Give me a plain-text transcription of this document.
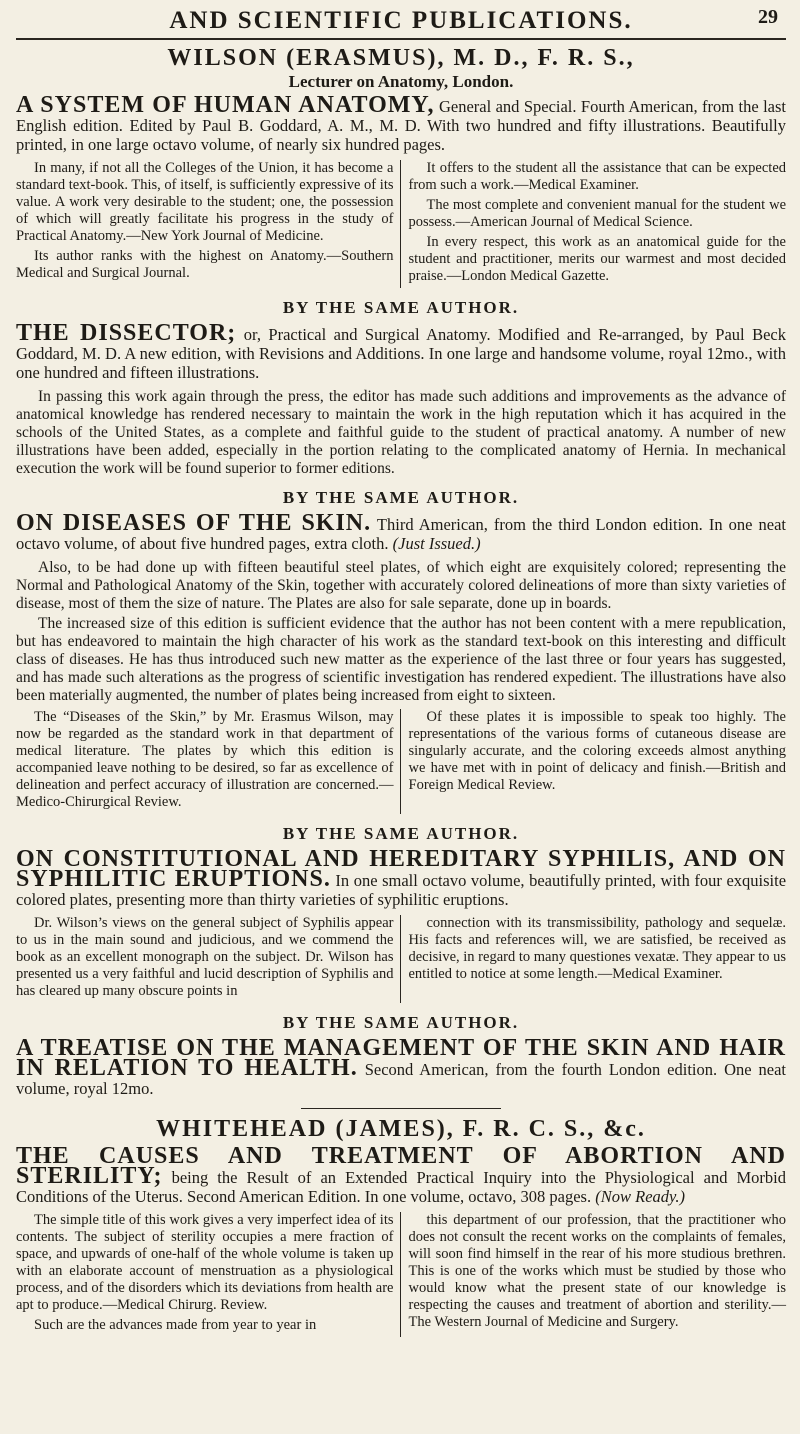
AND SCIENTIFIC PUBLICATIONS.	29

WILSON (ERASMUS), M. D., F. R. S.,

Lecturer on Anatomy, London.

A SYSTEM OF HUMAN ANATOMY, General and Special. Fourth American, from the last English edition. Edited by Paul B. Goddard, A. M., M. D. With two hundred and fifty illustrations. Beautifully printed, in one large octavo volume, of nearly six hundred pages.

In many, if not all the Colleges of the Union, it has become a standard text-book. This, of itself, is sufficiently expressive of its value. A work very desirable to the student; one, the possession of which will greatly facilitate his progress in the study of Practical Anatomy.—New York Journal of Medicine.

Its author ranks with the highest on Anatomy.—Southern Medical and Surgical Journal.

It offers to the student all the assistance that can be expected from such a work.—Medical Examiner.

The most complete and convenient manual for the student we possess.—American Journal of Medical Science.

In every respect, this work as an anatomical guide for the student and practitioner, merits our warmest and most decided praise.—London Medical Gazette.

BY THE SAME AUTHOR.

THE DISSECTOR; or, Practical and Surgical Anatomy. Modified and Re-arranged, by Paul Beck Goddard, M. D. A new edition, with Revisions and Additions. In one large and handsome volume, royal 12mo., with one hundred and fifteen illustrations.

In passing this work again through the press, the editor has made such additions and improvements as the advance of anatomical knowledge has rendered necessary to maintain the work in the high reputation which it has acquired in the schools of the United States, as a complete and faithful guide to the student of practical anatomy. A number of new illustrations have been added, especially in the portion relating to the complicated anatomy of Hernia. In mechanical execution the work will be found superior to former editions.

BY THE SAME AUTHOR.

ON DISEASES OF THE SKIN. Third American, from the third London edition. In one neat octavo volume, of about five hundred pages, extra cloth. (Just Issued.)

Also, to be had done up with fifteen beautiful steel plates, of which eight are exquisitely colored; representing the Normal and Pathological Anatomy of the Skin, together with accurately colored delineations of more than sixty varieties of disease, most of them the size of nature. The Plates are also for sale separate, done up in boards.

The increased size of this edition is sufficient evidence that the author has not been content with a mere republication, but has endeavored to maintain the high character of his work as the standard text-book on this interesting and difficult class of diseases. He has thus introduced such new matter as the experience of the last three or four years has suggested, and has made such alterations as the progress of scientific investigation has rendered expedient. The illustrations have also been materially augmented, the number of plates being increased from eight to sixteen.

The “Diseases of the Skin,” by Mr. Erasmus Wilson, may now be regarded as the standard work in that department of medical literature. The plates by which this edition is accompanied leave nothing to be desired, so far as excellence of delineation and perfect accuracy of illustration are concerned.—Medico-Chirurgical Review.

Of these plates it is impossible to speak too highly. The representations of the various forms of cutaneous disease are singularly accurate, and the coloring exceeds almost anything we have met with in point of delicacy and finish.—British and Foreign Medical Review.

BY THE SAME AUTHOR.

ON CONSTITUTIONAL AND HEREDITARY SYPHILIS, AND ON SYPHILITIC ERUPTIONS. In one small octavo volume, beautifully printed, with four exquisite colored plates, presenting more than thirty varieties of syphilitic eruptions.

Dr. Wilson’s views on the general subject of Syphilis appear to us in the main sound and judicious, and we commend the book as an excellent monograph on the subject. Dr. Wilson has presented us a very faithful and lucid description of Syphilis and has cleared up many obscure points in

connection with its transmissibility, pathology and sequelæ. His facts and references will, we are satisfied, be received as decisive, in regard to many questiones vexatæ. They appear to us entitled to notice at some length.—Medical Examiner.

BY THE SAME AUTHOR.

A TREATISE ON THE MANAGEMENT OF THE SKIN AND HAIR IN RELATION TO HEALTH. Second American, from the fourth London edition. One neat volume, royal 12mo.

WHITEHEAD (JAMES), F. R. C. S., &c.

THE CAUSES AND TREATMENT OF ABORTION AND STERILITY; being the Result of an Extended Practical Inquiry into the Physiological and Morbid Conditions of the Uterus. Second American Edition. In one volume, octavo, 308 pages. (Now Ready.)

The simple title of this work gives a very imperfect idea of its contents. The subject of sterility occupies a mere fraction of space, and upwards of one-half of the whole volume is taken up with an elaborate account of menstruation as a physiological process, and of the disorders which its deviations from health are apt to produce.—Medical Chirurg. Review.

Such are the advances made from year to year in

this department of our profession, that the practitioner who does not consult the recent works on the complaints of females, will soon find himself in the rear of his more studious brethren. This is one of the works which must be studied by those who would know what the present state of our knowledge is respecting the causes and treatment of abortion and sterility.—The Western Journal of Medicine and Surgery.
